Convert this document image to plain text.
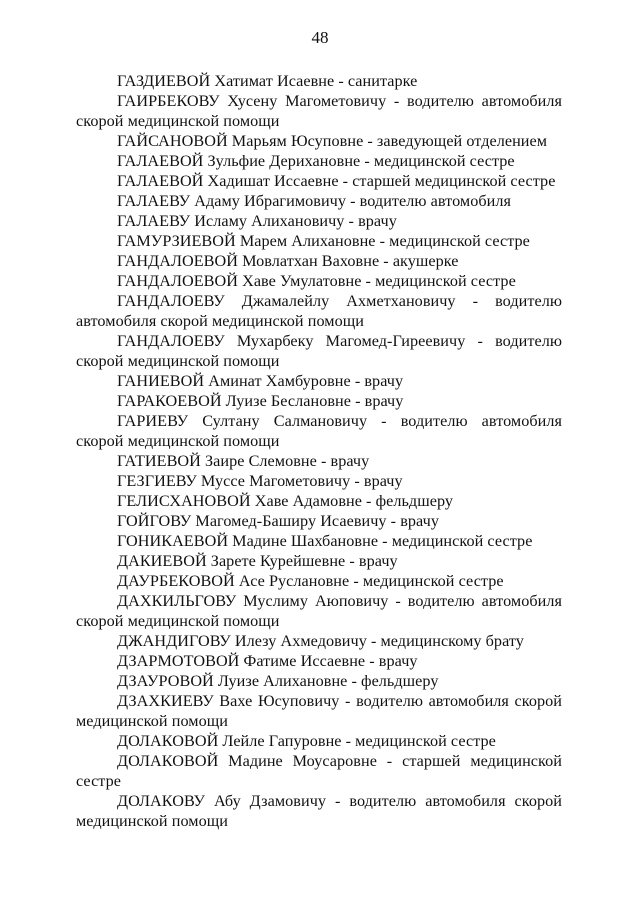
48

ГАЗДИЕВОЙ Хатимат Исаевне - санитарке

ГАИРБЕКОВУ Хусену Магометовичу - водителю автомобиля скорой медицинской помощи

ГАЙСАНОВОЙ Марьям Юсуповне - заведующей отделением

ГАЛАЕВОЙ Зульфие Дерихановне - медицинской сестре

ГАЛАЕВОЙ Хадишат Иссаевне - старшей медицинской сестре

ГАЛАЕВУ Адаму Ибрагимовичу - водителю автомобиля

ГАЛАЕВУ Исламу Алихановичу - врачу

ГАМУРЗИЕВОЙ Марем Алихановне - медицинской сестре

ГАНДАЛОЕВОЙ Мовлатхан Ваховне - акушерке

ГАНДАЛОЕВОЙ Хаве Умулатовне - медицинской сестре

ГАНДАЛОЕВУ Джамалейлу Ахметхановичу - водителю автомобиля скорой медицинской помощи

ГАНДАЛОЕВУ Мухарбеку Магомед-Гиреевичу - водителю скорой медицинской помощи

ГАНИЕВОЙ Аминат Хамбуровне - врачу

ГАРАКОЕВОЙ Луизе Беслановне - врачу

ГАРИЕВУ Султану Салмановичу - водителю автомобиля скорой медицинской помощи

ГАТИЕВОЙ Заире Слемовне - врачу

ГЕЗГИЕВУ Муссе Магометовичу - врачу

ГЕЛИСХАНОВОЙ Хаве Адамовне - фельдшеру

ГОЙГОВУ Магомед-Баширу Исаевичу - врачу

ГОНИКАЕВОЙ Мадине Шахбановне - медицинской сестре

ДАКИЕВОЙ Зарете Курейшевне - врачу

ДАУРБЕКОВОЙ Асе Руслановне - медицинской сестре

ДАХКИЛЬГОВУ Муслиму Аюповичу - водителю автомобиля скорой медицинской помощи

ДЖАНДИГОВУ Илезу Ахмедовичу - медицинскому брату

ДЗАРМОТОВОЙ Фатиме Иссаевне - врачу

ДЗАУРОВОЙ Луизе Алихановне - фельдшеру

ДЗАХКИЕВУ Вахе Юсуповичу - водителю автомобиля скорой медицинской помощи

ДОЛАКОВОЙ Лейле Гапуровне - медицинской сестре

ДОЛАКОВОЙ Мадине Моусаровне - старшей медицинской сестре

ДОЛАКОВУ Абу Дзамовичу - водителю автомобиля скорой медицинской помощи
